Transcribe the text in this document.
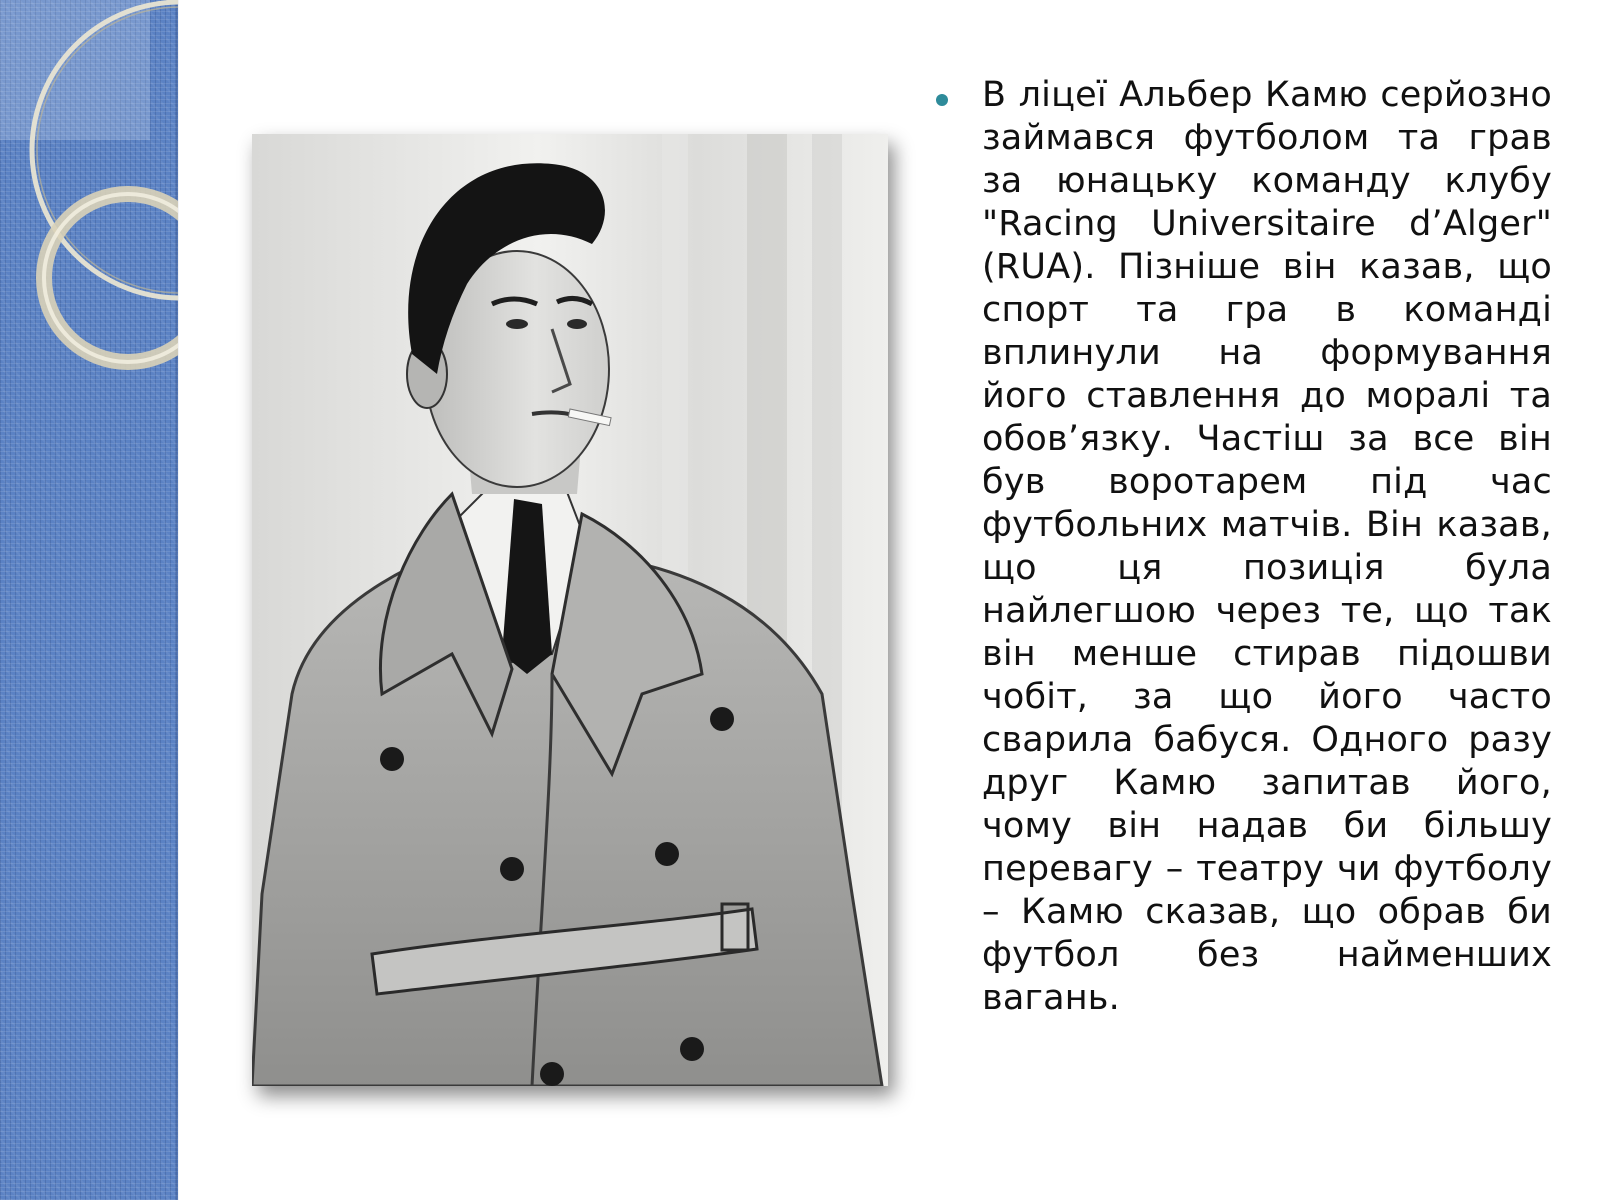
В ліцеї Альбер Камю серйозно займався футболом та грав за юнацьку команду клубу "Racing Universitaire d’Alger" (RUA). Пізніше він казав, що спорт та гра в команді вплинули на формування його ставлення до моралі та обов’язку. Частіш за все він був воротарем під час футбольних матчів. Він казав, що ця позиція була найлегшою через те, що так він менше стирав підошви чобіт, за що його часто сварила бабуся. Одного разу друг Камю запитав його, чому він надав би більшу перевагу – театру чи футболу – Камю сказав, що обрав би футбол без найменших вагань.
